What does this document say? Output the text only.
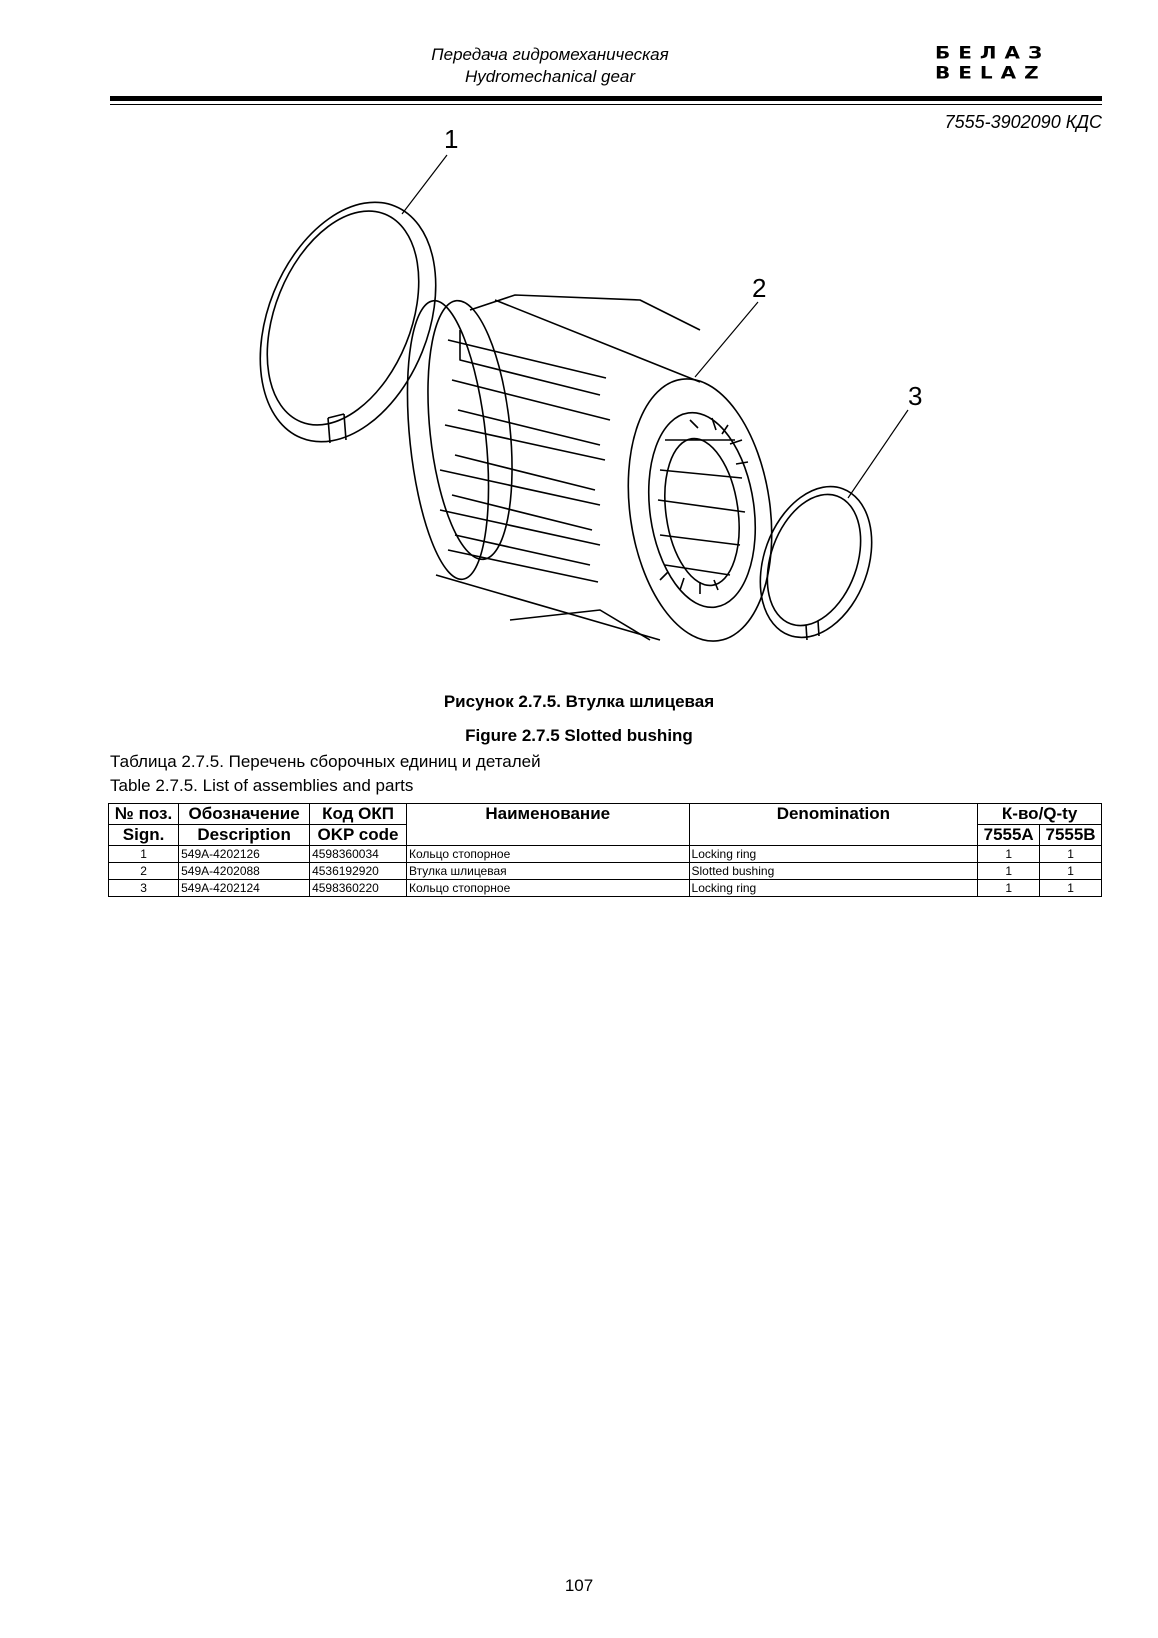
Передача гидромеханическая
Hydromechanical gear
БЕЛАЗ
BELAZ
7555-3902090 КДС
1
2
3
Рисунок 2.7.5. Втулка шлицевая
Figure 2.7.5 Slotted bushing
Таблица 2.7.5. Перечень сборочных единиц и деталей
Table 2.7.5. List of assemblies and parts
№ поз.	Обозначение	Код ОКП	Наименование	Denomination	К-во/Q-ty	
Sign.	Description	OKP code			7555А	7555В
1	549А-4202126	4598360034	Кольцо стопорное	Locking ring	1	1
2	549А-4202088	4536192920	Втулка шлицевая	Slotted bushing	1	1
3	549А-4202124	4598360220	Кольцо стопорное	Locking ring	1	1
107
